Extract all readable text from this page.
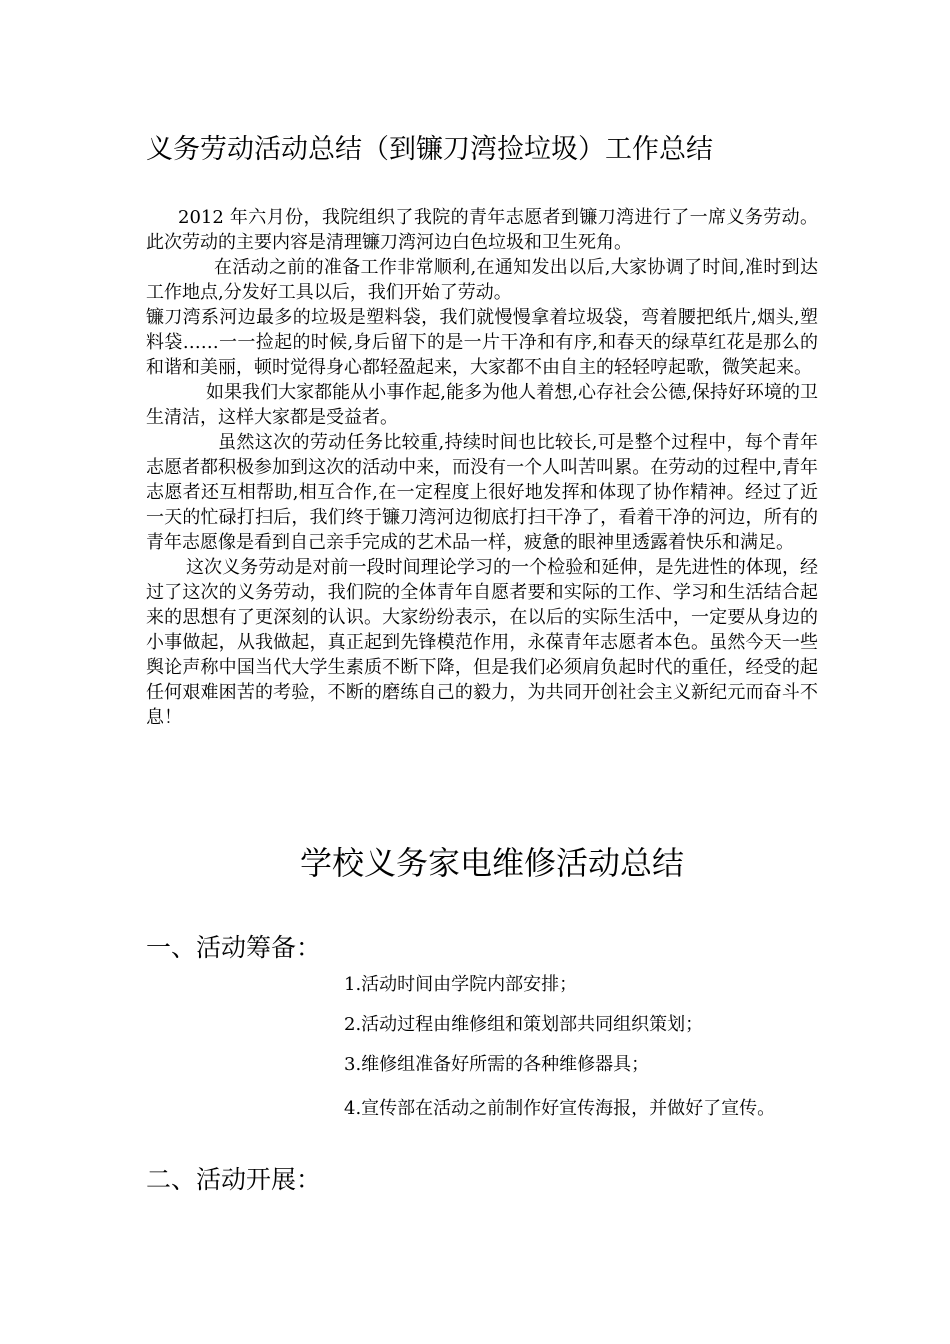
义务劳动活动总结（到镰刀湾捡垃圾）工作总结

2012 年六月份，我院组织了我院的青年志愿者到镰刀湾进行了一席义务劳动。此次劳动的主要内容是清理镰刀湾河边白色垃圾和卫生死角。

在活动之前的准备工作非常顺利,在通知发出以后,大家协调了时间,准时到达工作地点,分发好工具以后，我们开始了劳动。

镰刀湾系河边最多的垃圾是塑料袋，我们就慢慢拿着垃圾袋，弯着腰把纸片,烟头,塑料袋……一一捡起的时候,身后留下的是一片干净和有序,和春天的绿草红花是那么的和谐和美丽，顿时觉得身心都轻盈起来，大家都不由自主的轻轻哼起歌，微笑起来。

如果我们大家都能从小事作起,能多为他人着想,心存社会公德,保持好环境的卫生清洁，这样大家都是受益者。

虽然这次的劳动任务比较重,持续时间也比较长,可是整个过程中，每个青年志愿者都积极参加到这次的活动中来，而没有一个人叫苦叫累。在劳动的过程中,青年志愿者还互相帮助,相互合作,在一定程度上很好地发挥和体现了协作精神。经过了近一天的忙碌打扫后，我们终于镰刀湾河边彻底打扫干净了，看着干净的河边，所有的青年志愿像是看到自己亲手完成的艺术品一样，疲惫的眼神里透露着快乐和满足。

这次义务劳动是对前一段时间理论学习的一个检验和延伸，是先进性的体现，经过了这次的义务劳动，我们院的全体青年自愿者要和实际的工作、学习和生活结合起来的思想有了更深刻的认识。大家纷纷表示，在以后的实际生活中，一定要从身边的小事做起，从我做起，真正起到先锋模范作用，永葆青年志愿者本色。虽然今天一些舆论声称中国当代大学生素质不断下降，但是我们必须肩负起时代的重任，经受的起任何艰难困苦的考验，不断的磨练自己的毅力，为共同开创社会主义新纪元而奋斗不息！

学校义务家电维修活动总结
一、活动筹备：

1.活动时间由学院内部安排；

2.活动过程由维修组和策划部共同组织策划；

3.维修组准备好所需的各种维修器具；

4.宣传部在活动之前制作好宣传海报，并做好了宣传。

二、活动开展：
